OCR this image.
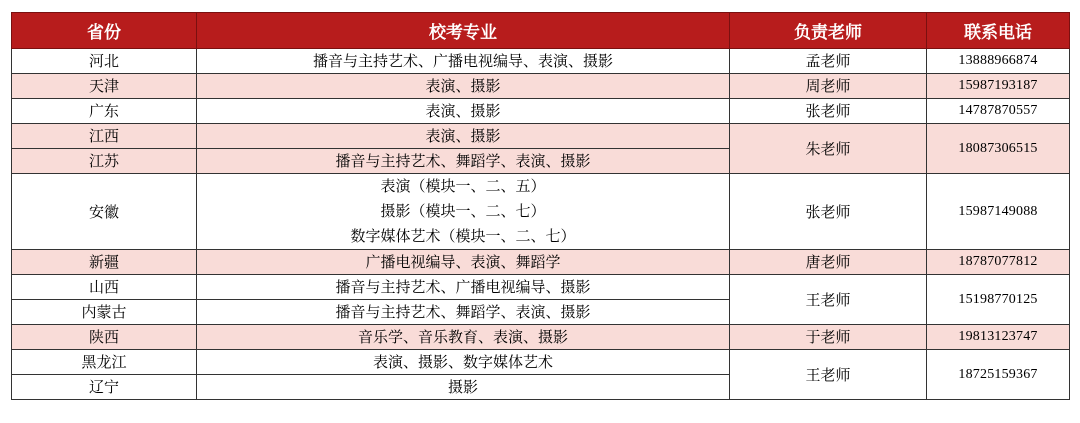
省份	校考专业	负责老师	联系电话
河北	播音与主持艺术、广播电视编导、表演、摄影	孟老师	13888966874
天津	表演、摄影	周老师	15987193187
广东	表演、摄影	张老师	14787870557
江西	表演、摄影	朱老师	18087306515
江苏	播音与主持艺术、舞蹈学、表演、摄影		
安徽	表演（模块一、二、五）
摄影（模块一、二、七）
数字媒体艺术（模块一、二、七）	张老师	15987149088
新疆	广播电视编导、表演、舞蹈学	唐老师	18787077812
山西	播音与主持艺术、广播电视编导、摄影	王老师	15198770125
内蒙古	播音与主持艺术、舞蹈学、表演、摄影		
陕西	音乐学、音乐教育、表演、摄影	于老师	19813123747
黑龙江	表演、摄影、数字媒体艺术	王老师	18725159367
辽宁	摄影		
